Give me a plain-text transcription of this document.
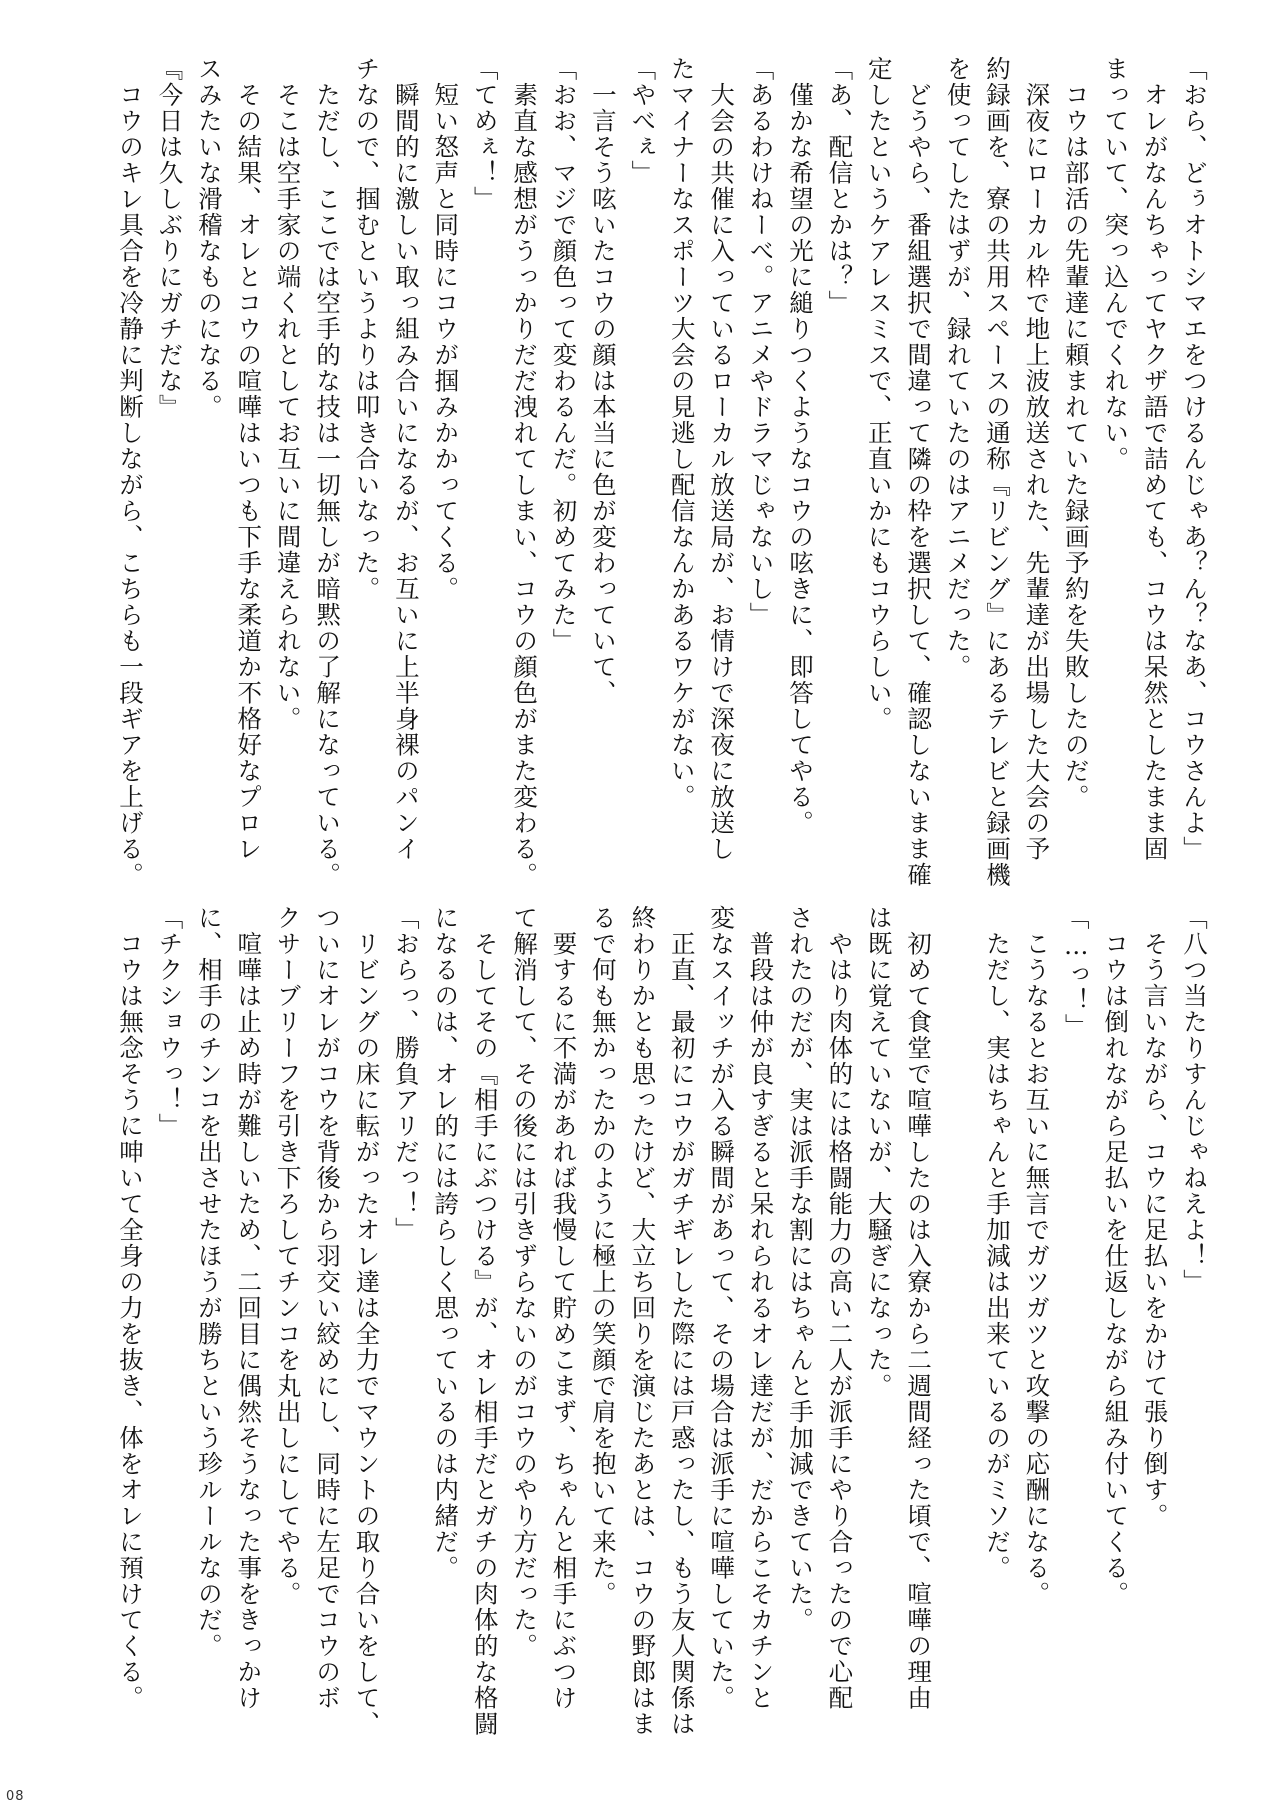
「おら、どぅオトシマエをつけるんじゃあ？ん？なあ、コウさんよ」
　オレがなんちゃってヤクザ語で詰めても、コウは呆然としたまま固
まっていて、突っ込んでくれない。
　コウは部活の先輩達に頼まれていた録画予約を失敗したのだ。
　深夜にローカル枠で地上波放送された、先輩達が出場した大会の予
約録画を、寮の共用スペースの通称『リビング』にあるテレビと録画機
を使ってしたはずが、録れていたのはアニメだった。
　どうやら、番組選択で間違って隣の枠を選択して、確認しないまま確
定したというケアレスミスで、正直いかにもコウらしい。
「あ、配信とかは？」
　僅かな希望の光に縋りつくようなコウの呟きに、即答してやる。
「あるわけねーべ。アニメやドラマじゃないし」
　大会の共催に入っているローカル放送局が、お情けで深夜に放送し
たマイナーなスポーツ大会の見逃し配信なんかあるワケがない。
「やべぇ」
　一言そう呟いたコウの顔は本当に色が変わっていて、
「おお、マジで顔色って変わるんだ。初めてみた」
　素直な感想がうっかりだだ洩れてしまい、コウの顔色がまた変わる。
「てめぇ！」
　短い怒声と同時にコウが掴みかかってくる。
　瞬間的に激しい取っ組み合いになるが、お互いに上半身裸のパンイ
チなので、掴むというよりは叩き合いなった。
　ただし、ここでは空手的な技は一切無しが暗黙の了解になっている。
　そこは空手家の端くれとしてお互いに間違えられない。
　その結果、オレとコウの喧嘩はいつも下手な柔道か不格好なプロレ
スみたいな滑稽なものになる。
『今日は久しぶりにガチだな』
　コウのキレ具合を冷静に判断しながら、こちらも一段ギアを上げる。
「八つ当たりすんじゃねえよ！」
　そう言いながら、コウに足払いをかけて張り倒す。
　コウは倒れながら足払いを仕返しながら組み付いてくる。
「…っ！」
　こうなるとお互いに無言でガツガツと攻撃の応酬になる。
　ただし、実はちゃんと手加減は出来ているのがミソだ。

　初めて食堂で喧嘩したのは入寮から二週間経った頃で、喧嘩の理由
は既に覚えていないが、大騒ぎになった。
　やはり肉体的には格闘能力の高い二人が派手にやり合ったので心配
されたのだが、実は派手な割にはちゃんと手加減できていた。
　普段は仲が良すぎると呆れられるオレ達だが、だからこそカチンと
変なスイッチが入る瞬間があって、その場合は派手に喧嘩していた。
　正直、最初にコウがガチギレした際には戸惑ったし、もう友人関係は
終わりかとも思ったけど、大立ち回りを演じたあとは、コウの野郎はま
るで何も無かったかのように極上の笑顔で肩を抱いて来た。
　要するに不満があれば我慢して貯めこまず、ちゃんと相手にぶつけ
て解消して、その後には引きずらないのがコウのやり方だった。
　そしてその『相手にぶつける』が、オレ相手だとガチの肉体的な格闘
になるのは、オレ的には誇らしく思っているのは内緒だ。
「おらっ、勝負アリだっ！」
　リビングの床に転がったオレ達は全力でマウントの取り合いをして、
ついにオレがコウを背後から羽交い絞めにし、同時に左足でコウのボ
クサーブリーフを引き下ろしてチンコを丸出しにしてやる。
　喧嘩は止め時が難しいため、二回目に偶然そうなった事をきっかけ
に、相手のチンコを出させたほうが勝ちという珍ルールなのだ。
「チクショウっ！」
　コウは無念そうに呻いて全身の力を抜き、体をオレに預けてくる。
08
